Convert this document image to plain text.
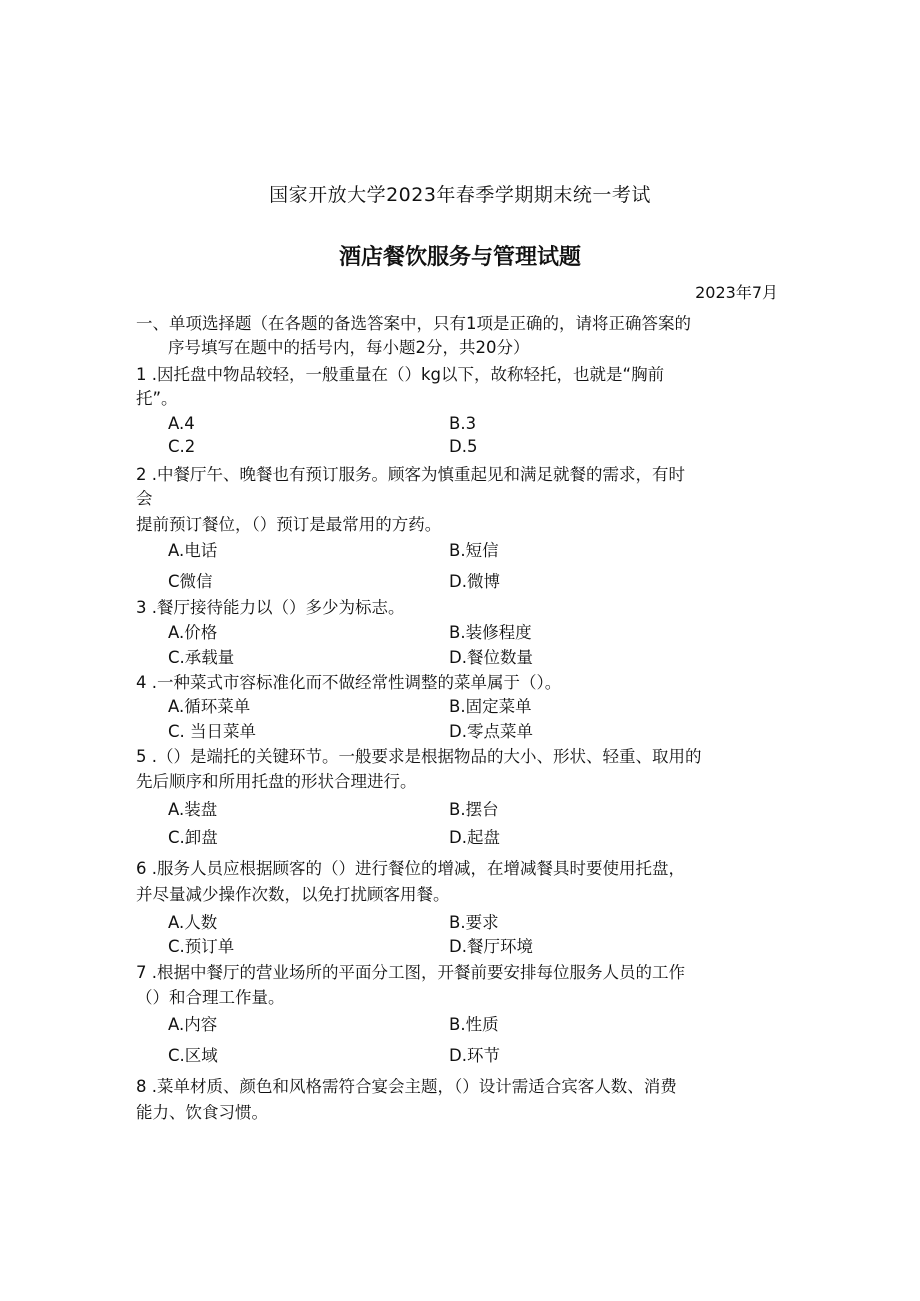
国家开放大学2023年春季学期期末统一考试
酒店餐饮服务与管理试题
2023年7月
一、单项选择题（在各题的备选答案中，只有1项是正确的，请将正确答案的
序号填写在题中的括号内，每小题2分，共20分）
1 .因托盘中物品较轻，一般重量在（）kg以下，故称轻托，也就是“胸前
托”。
A.4	B.3
C.2	D.5
2 .中餐厅午、晚餐也有预订服务。顾客为慎重起见和满足就餐的需求，有时
会
提前预订餐位，（）预订是最常用的方药。
A.电话	B.短信
C微信	D.微博
3 .餐厅接待能力以（）多少为标志。
A.价格	B.装修程度
C.承载量	D.餐位数量
4 .一种菜式市容标准化而不做经常性调整的菜单属于（）。
A.循环菜单	B.固定菜单
C. 当日菜单	D.零点菜单
5 .（）是端托的关键环节。一般要求是根据物品的大小、形状、轻重、取用的
先后顺序和所用托盘的形状合理进行。
A.装盘	B.摆台
C.卸盘	D.起盘
6 .服务人员应根据顾客的（）进行餐位的增减，在增减餐具时要使用托盘，
并尽量减少操作次数，以免打扰顾客用餐。
A.人数	B.要求
C.预订单	D.餐厅环境
7 .根据中餐厅的营业场所的平面分工图，开餐前要安排每位服务人员的工作
（）和合理工作量。
A.内容	B.性质
C.区域	D.环节
8 .菜单材质、颜色和风格需符合宴会主题，（）设计需适合宾客人数、消费
能力、饮食习惯。
